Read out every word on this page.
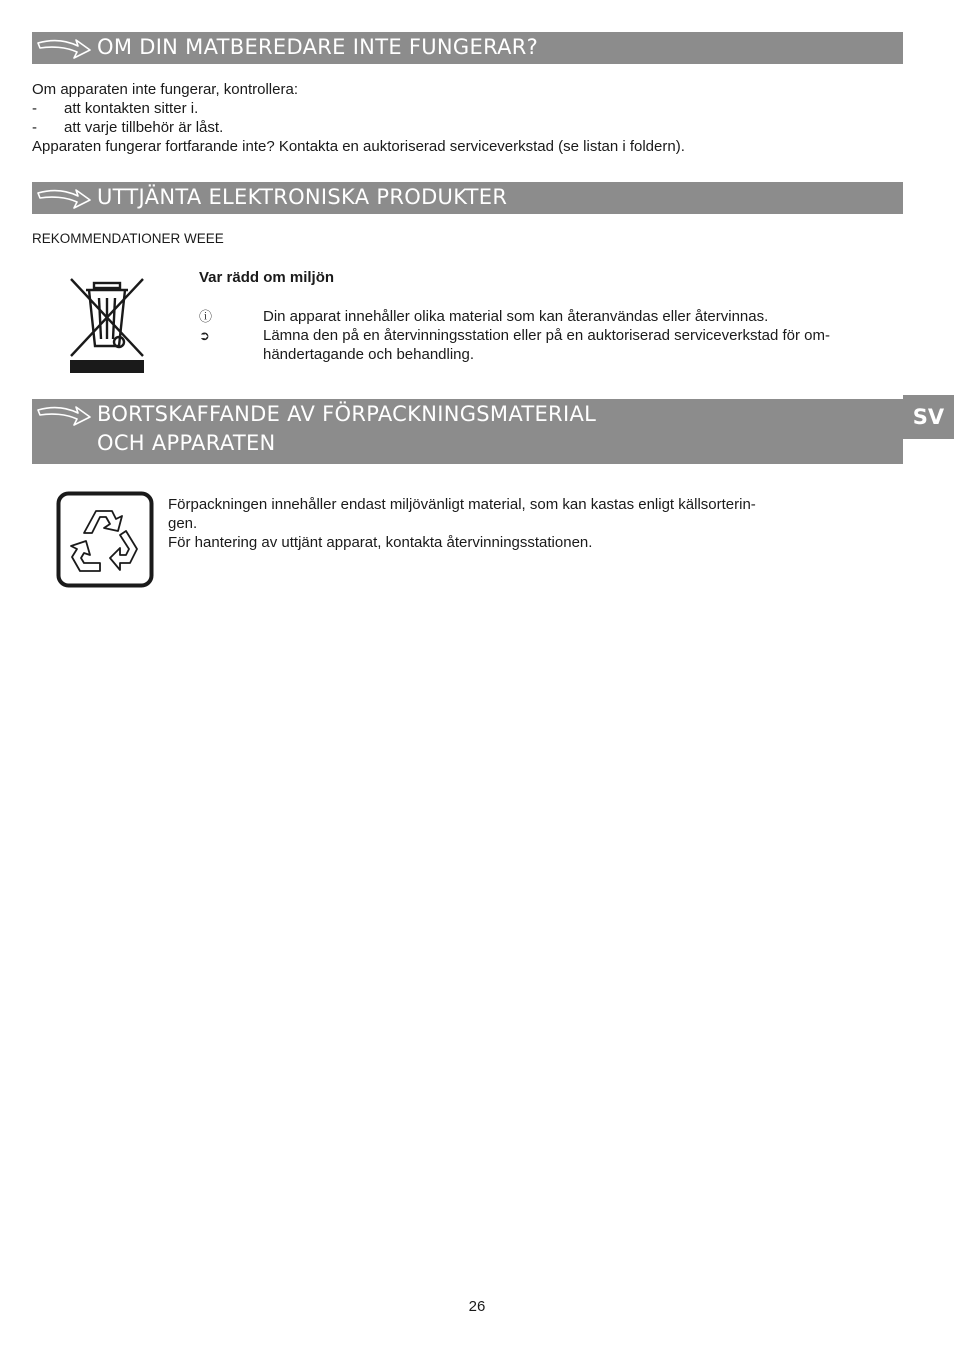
OM DIN MATBEREDARE INTE FUNGERAR?
Om apparaten inte fungerar, kontrollera:
- att kontakten sitter i.
- att varje tillbehör är låst.
Apparaten fungerar fortfarande inte? Kontakta en auktoriserad serviceverkstad (se listan i foldern).
UTTJÄNTA ELEKTRONISKA PRODUKTER
REKOMMENDATIONER WEEE
Var rädd om miljön
ⓘ	Din apparat innehåller olika material som kan återanvändas eller återvinnas.
➲	Lämna den på en återvinningsstation eller på en auktoriserad serviceverkstad för om-
händertagande och behandling.
BORTSKAFFANDE AV FÖRPACKNINGSMATERIAL
OCH APPARATEN
SV
Förpackningen innehåller endast miljövänligt material, som kan kastas enligt källsorterin-
gen.
För hantering av uttjänt apparat, kontakta återvinningsstationen.
26
